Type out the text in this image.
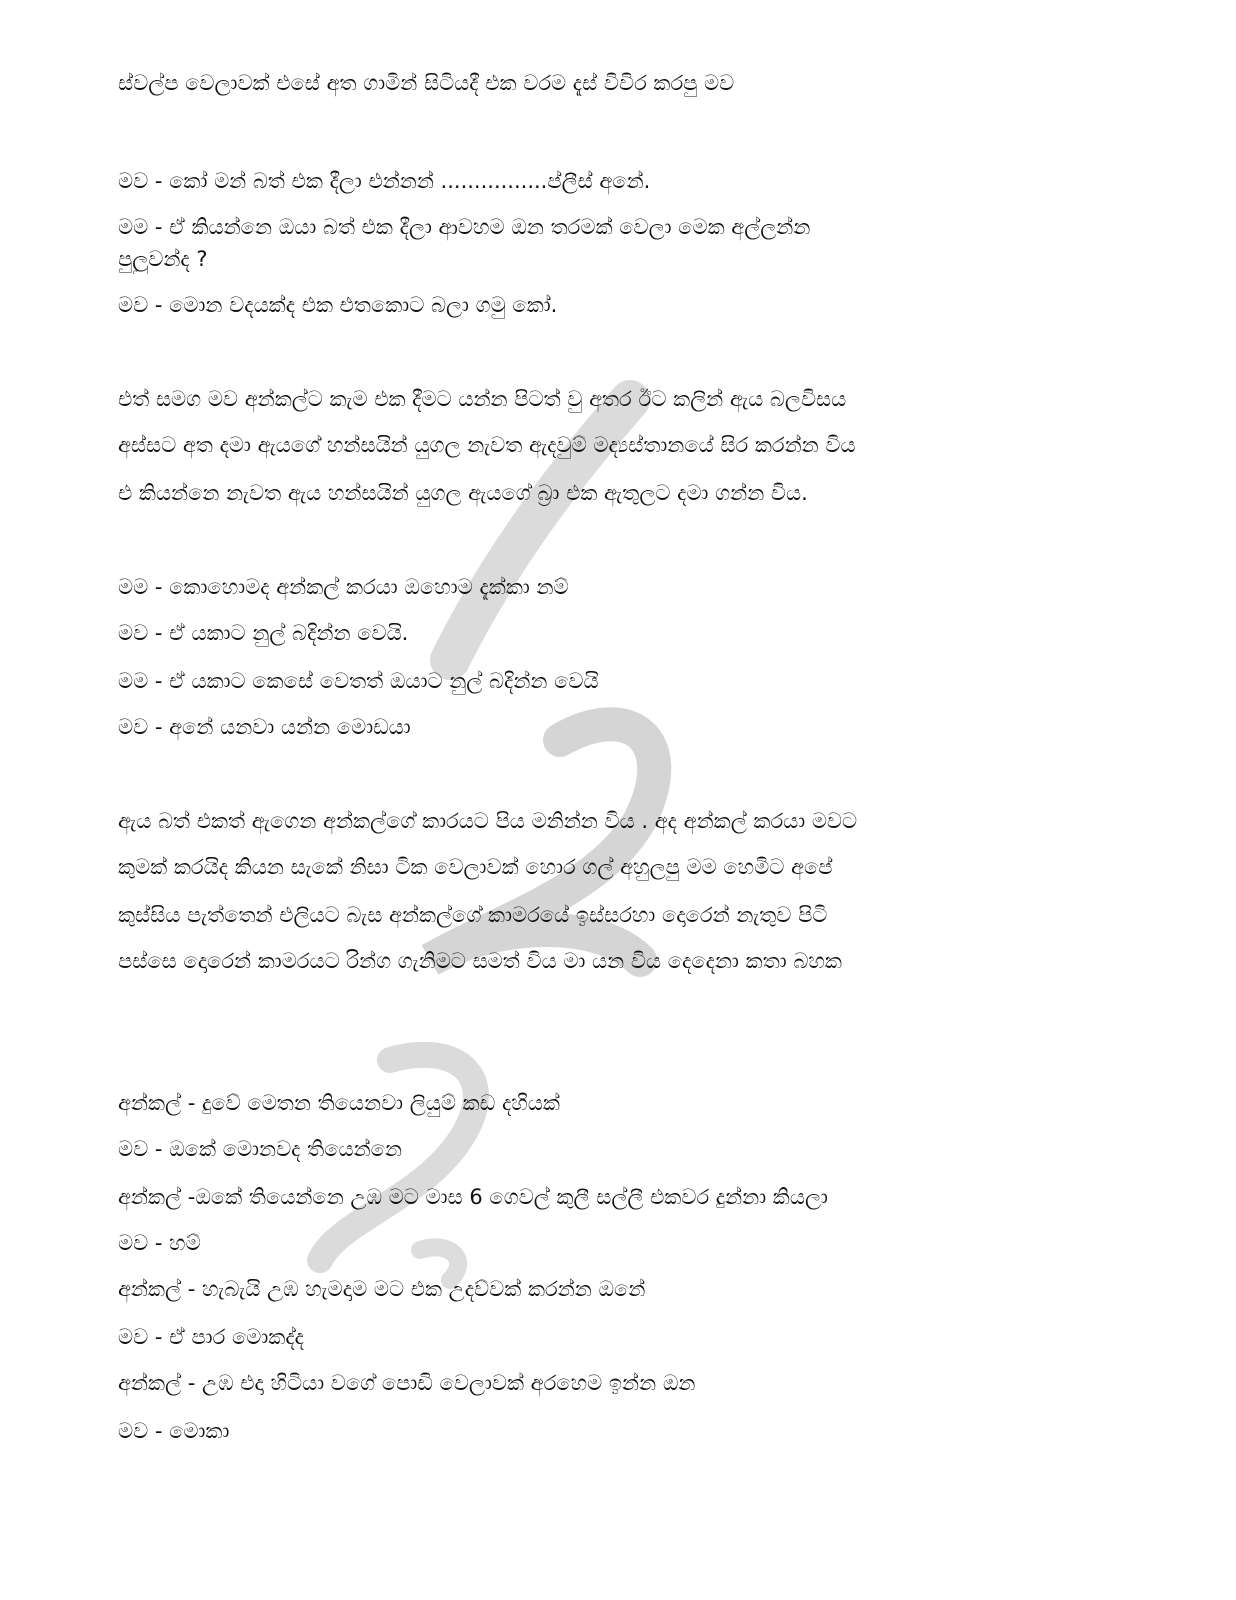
ස්වල්ප වෙලාවක් එසේ අත ගාමින් සිටියදී එක වරම දැස් විවිර කරපු මව
මව - කෝ මන් බත් එක දීලා එන්නන් ................ප්ලීස් අනේ.
මම - ඒ කියන්නෙ ඔයා බත් එක දීලා ආවහම ඔන තරමක් වෙලා මෙක අල්ලන්න
පුලුවන්ද ?
මව - මොන වදයක්ද එක එතකොට බලා ගමු කෝ.
එත් සමග මව අන්කල්ට කැම එක දීමට යන්න පිටත් වු අතර ඊට කලින් ඇය බලවිසය
අස්සට අත දමා ඇයගේ හන්සයින් යුගල නැවත ඇදවුම් මද්‍යස්තානයේ සිර කරන්න විය
එ කියන්නෙ නැවත ඇය හන්සයින් යුගල ඇයගේ බ්‍රා එක ඇතුලට දමා ගන්න විය.
මම - කොහොමද අන්කල් කරයා ඔහොම දැක්කා නම්
මව - ඒ යකාට නුල් බදින්න වෙයි.
මම - ඒ යකාට කෙසේ වෙතත් ඔයාට නුල් බදින්න වෙයි
මව - අනේ යනවා යන්න මොඩයා
ඇය බත් එකත් ඇගෙන අන්කල්ගේ කාරයට පිය මනින්න විය . අද අන්කල් කරයා මවට
කුමක් කරයිද කියන සැකේ නිසා ටික වෙලාවක් හොර ගල් අහුලපු මම හෙමිට අපේ
කුස්සිය පැත්තෙන් එලියට බැස අන්කල්ගේ කාමරයේ ඉස්සරහා දොරෙන් නැතුව පිටි
පස්සෙ දොරෙන් කාමරයට රින්ග ගැනිමට සමත් විය මා යන විය දෙදෙනා කතා බහක
අන්කල් - දුවේ මෙතන තියෙනවා ලියුම් කඩ දහියක්
මව - ඔකේ මොනවද තියෙන්නෙ
අන්කල් -ඔකේ තියෙන්නෙ උඹ මට මාස 6 ගෙවල් කුලී සල්ලී එකවර දුන්නා කියලා
මව - හම්
අන්කල් - හැබැයි උඹ හැමදාම මට එක උදව්වක් කරන්න ඔනේ
මව - ඒ පාර මොකද්ද
අන්කල් - උඹ එදා හිටියා වගේ පොඩි වෙලාවක් අරහෙම ඉන්න ඔන
මව - මොකා
